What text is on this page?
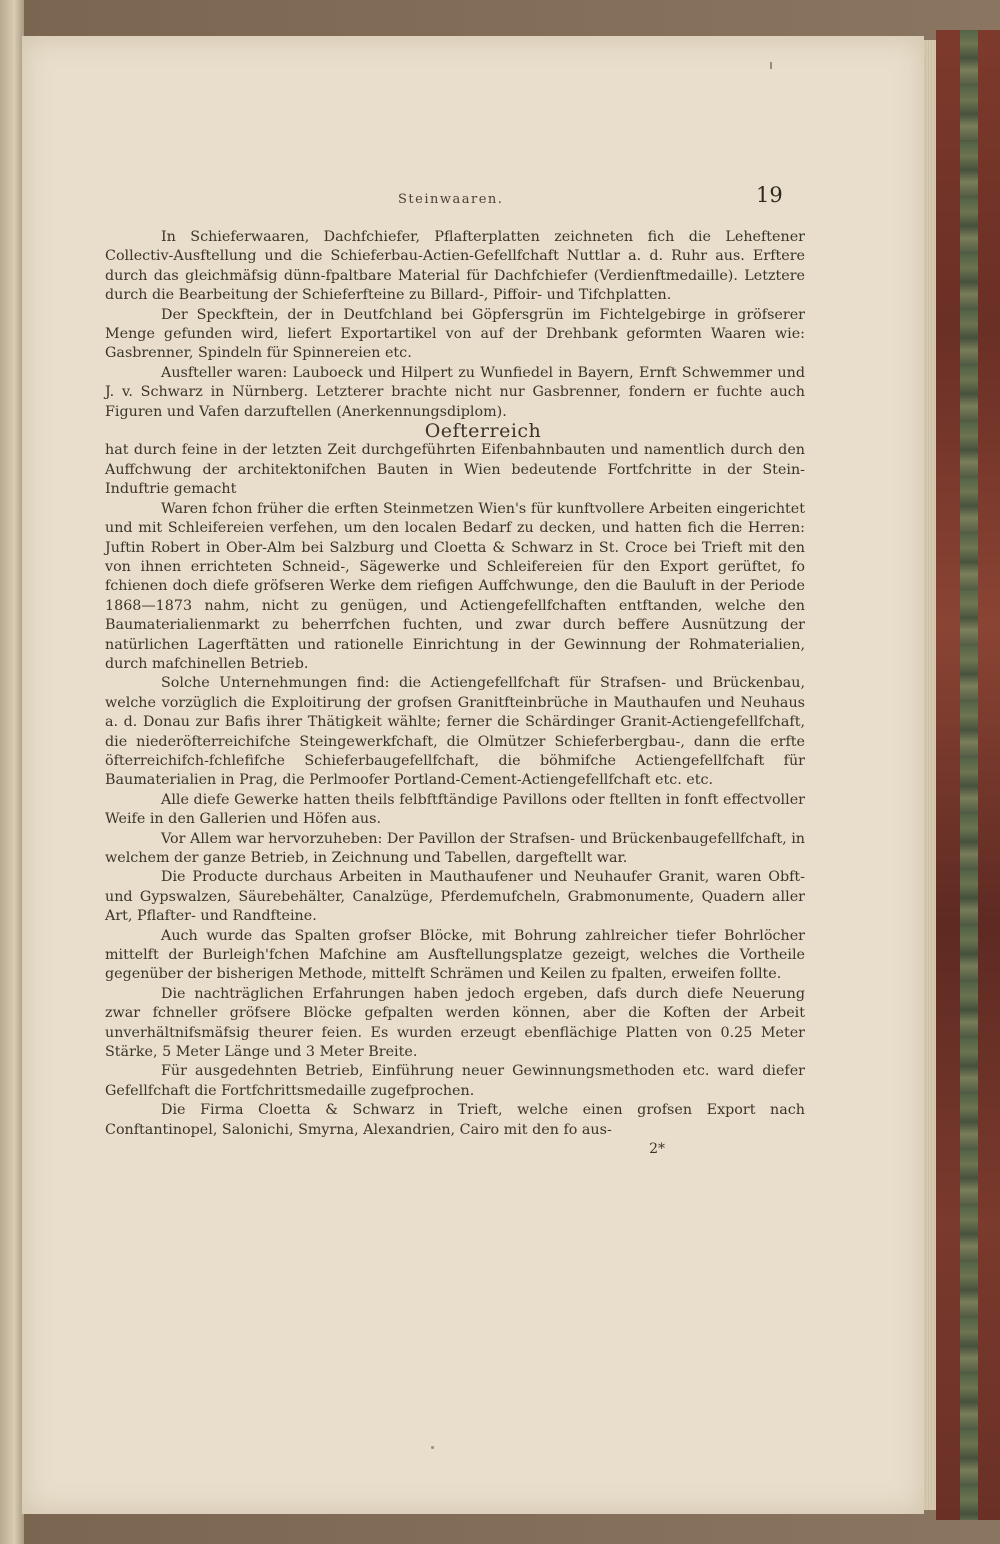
Steinwaaren.	19

In Schieferwaaren, Dachfchiefer, Pflafterplatten zeichneten fich die Leheftener Collectiv-Ausftellung und die Schieferbau-Actien-Gefellfchaft Nuttlar a. d. Ruhr aus. Erftere durch das gleichmäfsig dünn-fpaltbare Material für Dachfchiefer (Verdienftmedaille). Letztere durch die Bearbeitung der Schieferfteine zu Billard-, Piffoir- und Tifchplatten.

Der Speckftein, der in Deutfchland bei Göpfersgrün im Fichtelgebirge in gröfserer Menge gefunden wird, liefert Exportartikel von auf der Drehbank geformten Waaren wie: Gasbrenner, Spindeln für Spinnereien etc.

Ausfteller waren: Lauboeck und Hilpert zu Wunfiedel in Bayern, Ernft Schwemmer und J. v. Schwarz in Nürnberg. Letzterer brachte nicht nur Gasbrenner, fondern er fuchte auch Figuren und Vafen darzuftellen (Anerkennungsdiplom).

Oefterreich

hat durch feine in der letzten Zeit durchgeführten Eifenbahnbauten und namentlich durch den Auffchwung der architektonifchen Bauten in Wien bedeutende Fortfchritte in der Stein-Induftrie gemacht

Waren fchon früher die erften Steinmetzen Wien's für kunftvollere Arbeiten eingerichtet und mit Schleifereien verfehen, um den localen Bedarf zu decken, und hatten fich die Herren: Juftin Robert in Ober-Alm bei Salzburg und Cloetta & Schwarz in St. Croce bei Trieft mit den von ihnen errichteten Schneid-, Sägewerke und Schleifereien für den Export gerüftet, fo fchienen doch diefe gröfseren Werke dem riefigen Auffchwunge, den die Bauluft in der Periode 1868—1873 nahm, nicht zu genügen, und Actiengefellfchaften entftanden, welche den Baumaterialienmarkt zu beherrfchen fuchten, und zwar durch beffere Ausnützung der natürlichen Lagerftätten und rationelle Einrichtung in der Gewinnung der Rohmaterialien, durch mafchinellen Betrieb.

Solche Unternehmungen find: die Actiengefellfchaft für Strafsen- und Brückenbau, welche vorzüglich die Exploitirung der grofsen Granitfteinbrüche in Mauthaufen und Neuhaus a. d. Donau zur Bafis ihrer Thätigkeit wählte; ferner die Schärdinger Granit-Actiengefellfchaft, die niederöfterreichifche Steingewerkfchaft, die Olmützer Schieferbergbau-, dann die erfte öfterreichifch-fchlefifche Schieferbaugefellfchaft, die böhmifche Actiengefellfchaft für Baumaterialien in Prag, die Perlmoofer Portland-Cement-Actiengefellfchaft etc. etc.

Alle diefe Gewerke hatten theils felbftftändige Pavillons oder ftellten in fonft effectvoller Weife in den Gallerien und Höfen aus.

Vor Allem war hervorzuheben: Der Pavillon der Strafsen- und Brückenbaugefellfchaft, in welchem der ganze Betrieb, in Zeichnung und Tabellen, dargeftellt war.

Die Producte durchaus Arbeiten in Mauthaufener und Neuhaufer Granit, waren Obft- und Gypswalzen, Säurebehälter, Canalzüge, Pferdemufcheln, Grabmonumente, Quadern aller Art, Pflafter- und Randfteine.

Auch wurde das Spalten grofser Blöcke, mit Bohrung zahlreicher tiefer Bohrlöcher mittelft der Burleigh'fchen Mafchine am Ausftellungsplatze gezeigt, welches die Vortheile gegenüber der bisherigen Methode, mittelft Schrämen und Keilen zu fpalten, erweifen follte.

Die nachträglichen Erfahrungen haben jedoch ergeben, dafs durch diefe Neuerung zwar fchneller gröfsere Blöcke gefpalten werden können, aber die Koften der Arbeit unverhältnifsmäfsig theurer feien. Es wurden erzeugt ebenflächige Platten von 0.25 Meter Stärke, 5 Meter Länge und 3 Meter Breite.

Für ausgedehnten Betrieb, Einführung neuer Gewinnungsmethoden etc. ward diefer Gefellfchaft die Fortfchrittsmedaille zugefprochen.

Die Firma Cloetta & Schwarz in Trieft, welche einen grofsen Export nach Conftantinopel, Salonichi, Smyrna, Alexandrien, Cairo mit den fo aus-

2*
